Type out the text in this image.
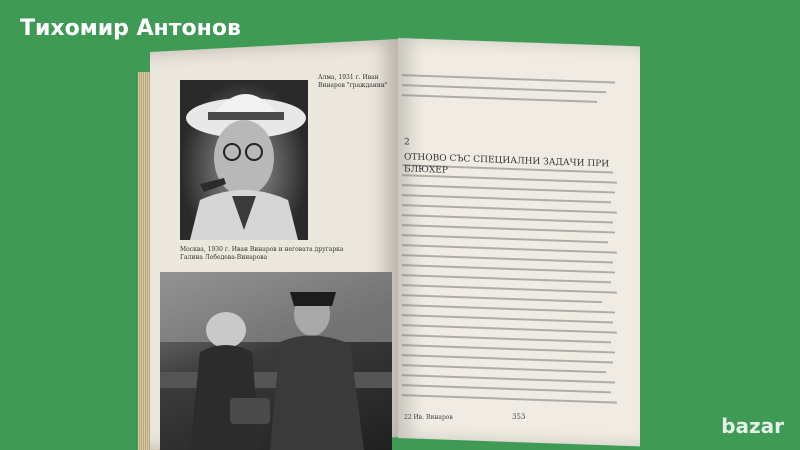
Тихомир Антонов
Алма, 1931 г. Иван Винаров "гражданин"
Москва, 1930 г. Иван Винаров и неговата другарка Галина Лебедева-Винарова
2
ОТНОВО СЪС СПЕЦИАЛНИ ЗАДАЧИ ПРИ БЛЮХЕР
22 Ив. Винаров	353	bazar
